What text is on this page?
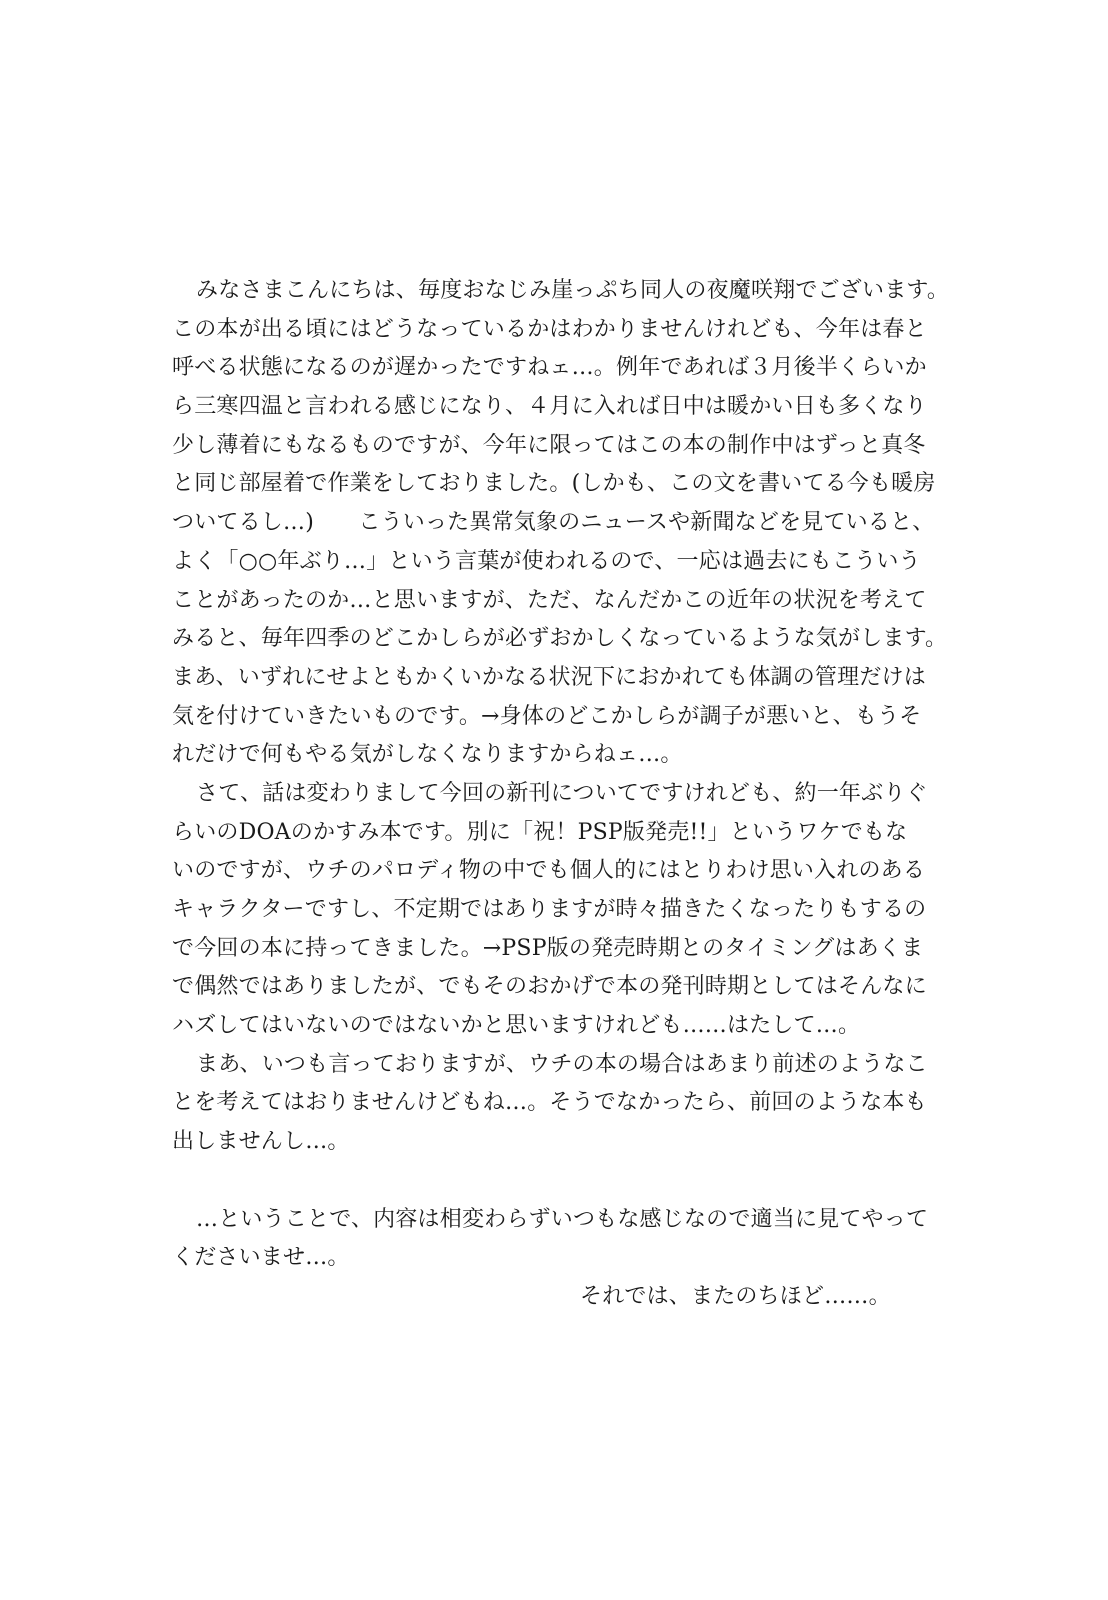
みなさまこんにちは、毎度おなじみ崖っぷち同人の夜魔咲翔でございます。
この本が出る頃にはどうなっているかはわかりませんけれども、今年は春と
呼べる状態になるのが遅かったですねェ…。例年であれば３月後半くらいか
ら三寒四温と言われる感じになり、４月に入れば日中は暖かい日も多くなり
少し薄着にもなるものですが、今年に限ってはこの本の制作中はずっと真冬
と同じ部屋着で作業をしておりました。(しかも、この文を書いてる今も暖房
ついてるし…)　　こういった異常気象のニュースや新聞などを見ていると、
よく「○○年ぶり…」という言葉が使われるので、一応は過去にもこういう
ことがあったのか…と思いますが、ただ、なんだかこの近年の状況を考えて
みると、毎年四季のどこかしらが必ずおかしくなっているような気がします。
まあ、いずれにせよともかくいかなる状況下におかれても体調の管理だけは
気を付けていきたいものです。→身体のどこかしらが調子が悪いと、もうそ
れだけで何もやる気がしなくなりますからねェ…。
さて、話は変わりまして今回の新刊についてですけれども、約一年ぶりぐ
らいのDOAのかすみ本です。別に「祝！PSP版発売!!」というワケでもな
いのですが、ウチのパロディ物の中でも個人的にはとりわけ思い入れのある
キャラクターですし、不定期ではありますが時々描きたくなったりもするの
で今回の本に持ってきました。→PSP版の発売時期とのタイミングはあくま
で偶然ではありましたが、でもそのおかげで本の発刊時期としてはそんなに
ハズしてはいないのではないかと思いますけれども……はたして…。
まあ、いつも言っておりますが、ウチの本の場合はあまり前述のようなこ
とを考えてはおりませんけどもね…。そうでなかったら、前回のような本も
出しませんし…。
…ということで、内容は相変わらずいつもな感じなので適当に見てやって
くださいませ…。
それでは、またのちほど……。
